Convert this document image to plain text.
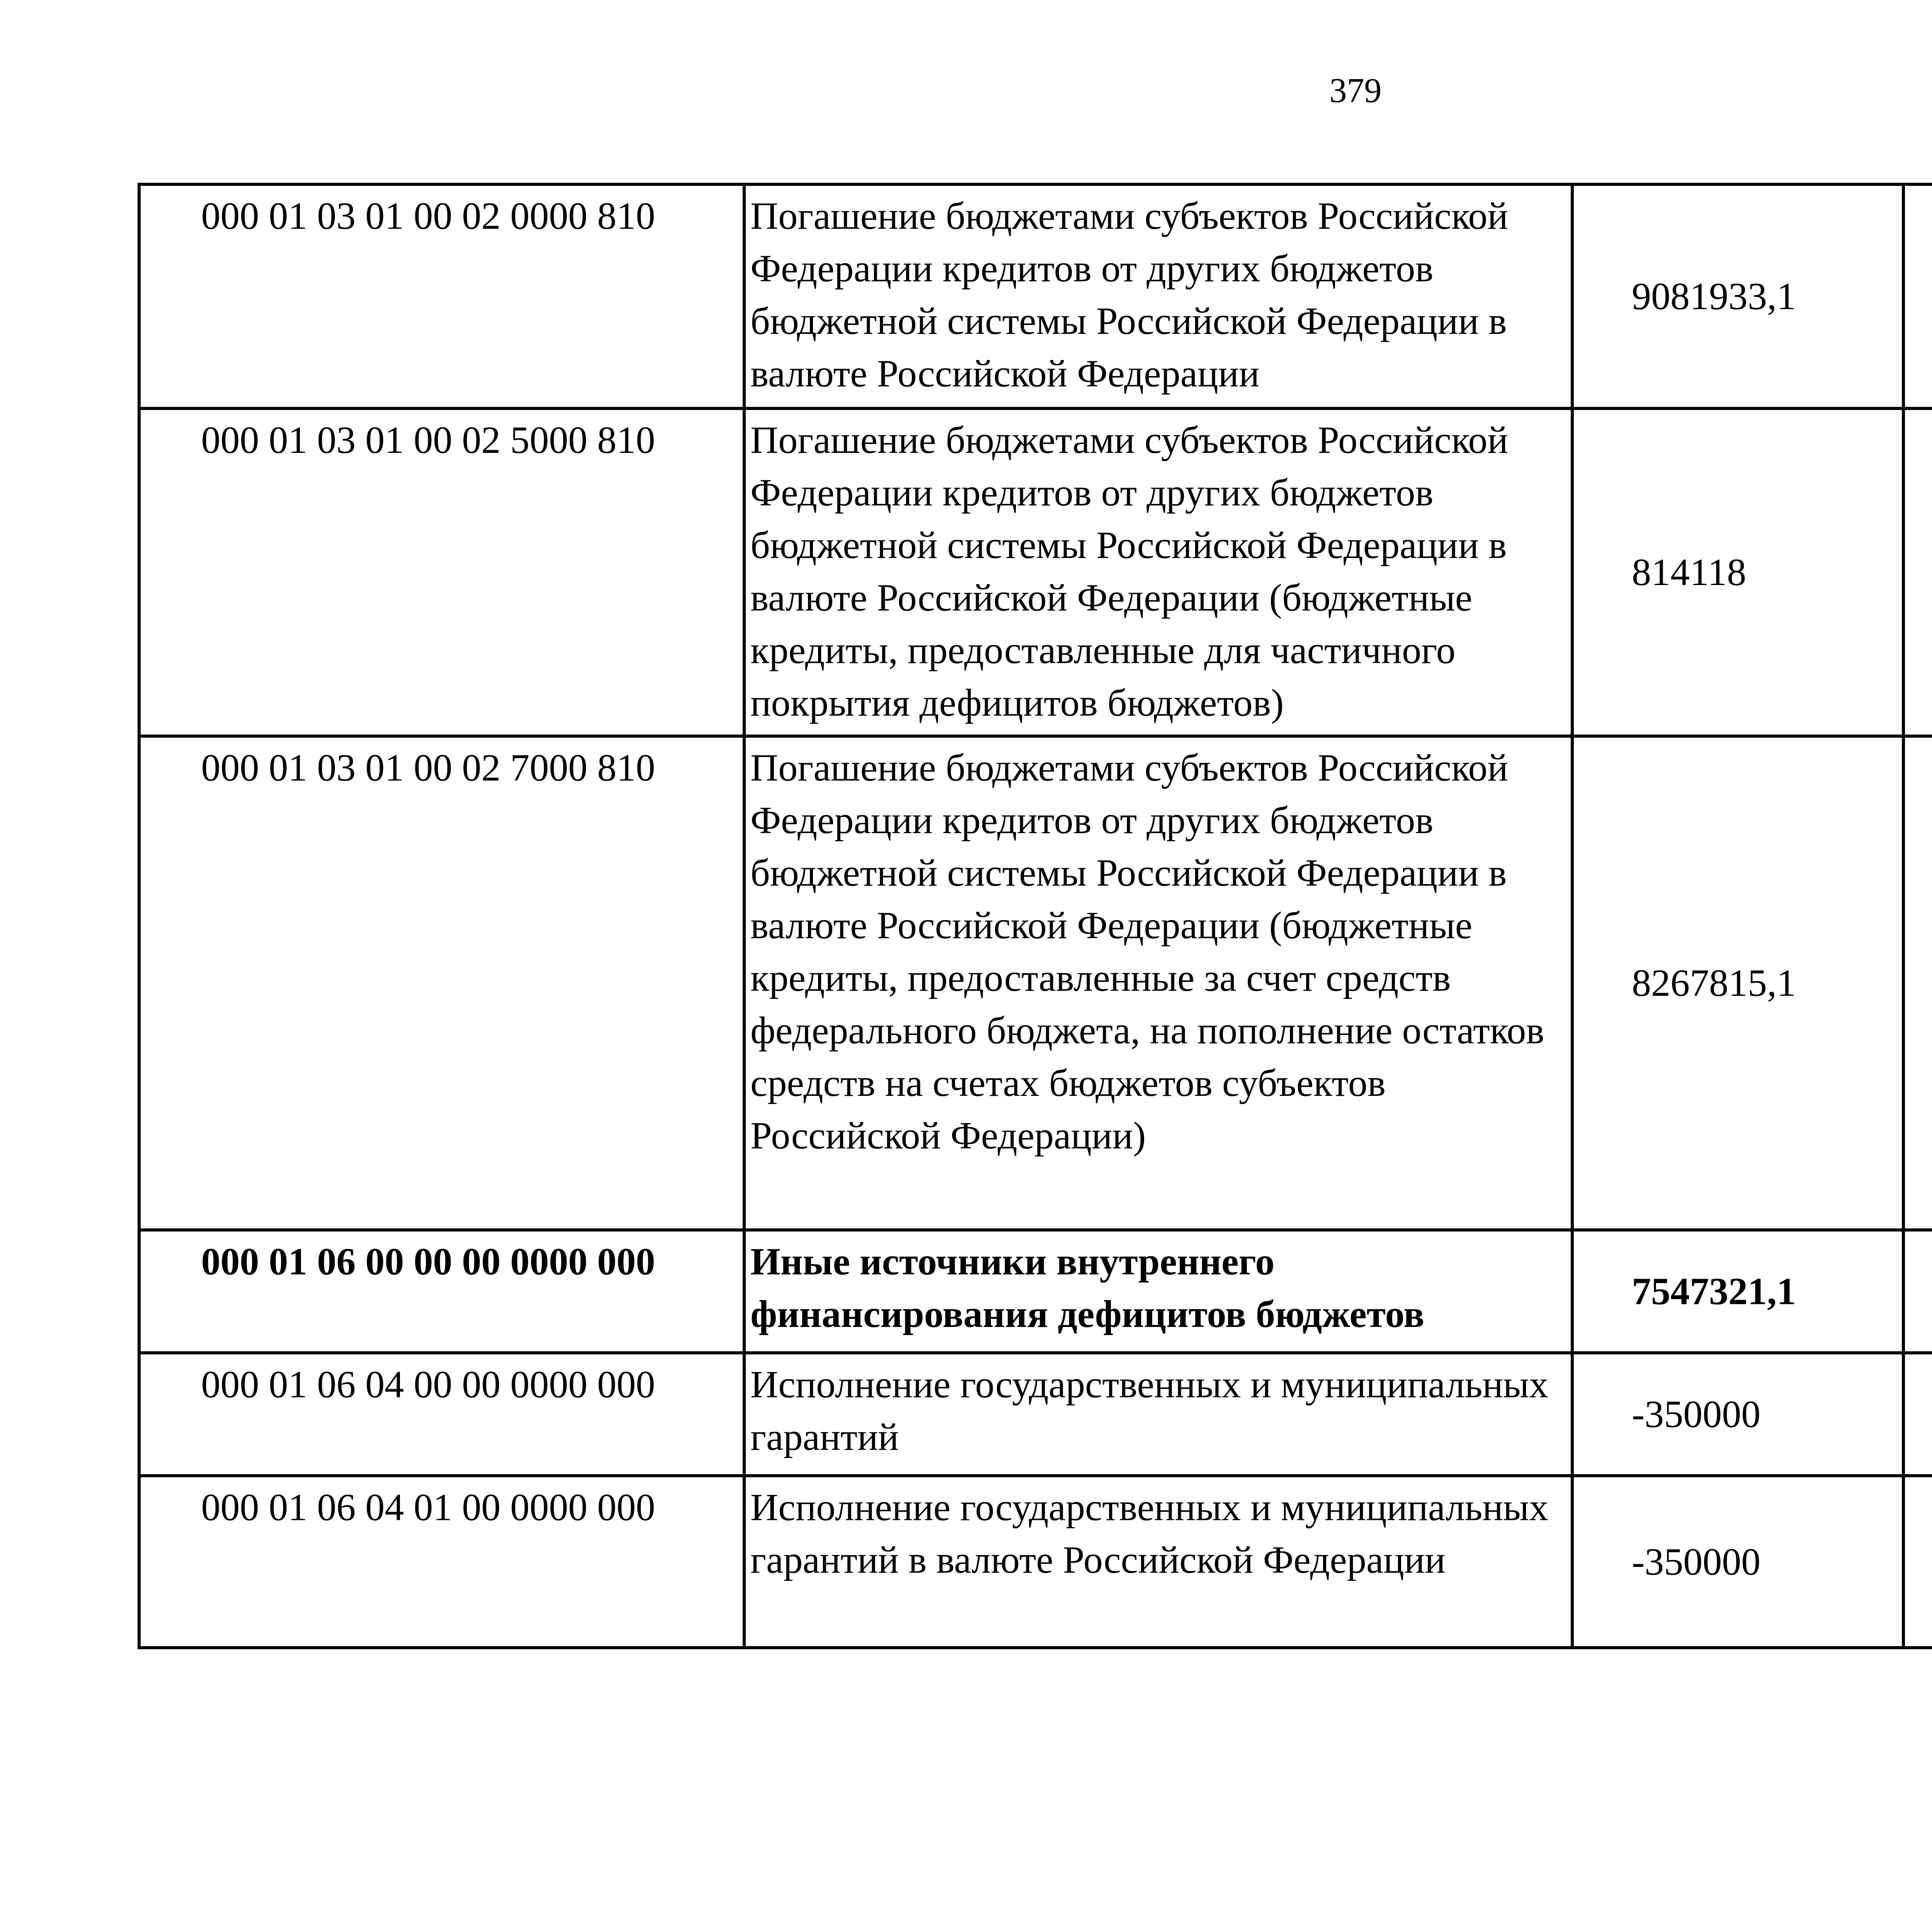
379
000 01 03 01 00 02 0000 810	Погашение бюджетами субъектов Российской Федерации кредитов от других бюджетов бюджетной системы Российской Федерации в валюте Российской Федерации	9081933,1		
000 01 03 01 00 02 5000 810	Погашение бюджетами субъектов Российской Федерации кредитов от других бюджетов бюджетной системы Российской Федерации в валюте Российской Федерации (бюджетные кредиты, предоставленные для частичного покрытия дефицитов бюджетов)	814118		
000 01 03 01 00 02 7000 810	Погашение бюджетами субъектов Российской Федерации кредитов от других бюджетов бюджетной системы Российской Федерации в валюте Российской Федерации (бюджетные кредиты, предоставленные за счет средств федерального бюджета, на пополнение остатков средств на счетах бюджетов субъектов Российской Федерации)	8267815,1		
000 01 06 00 00 00 0000 000	Иные источники внутреннего финансирования дефицитов бюджетов	7547321,1		
000 01 06 04 00 00 0000 000	Исполнение государственных и муниципальных гарантий	-350000		
000 01 06 04 01 00 0000 000	Исполнение государственных и муниципальных гарантий в валюте Российской Федерации	-350000		
